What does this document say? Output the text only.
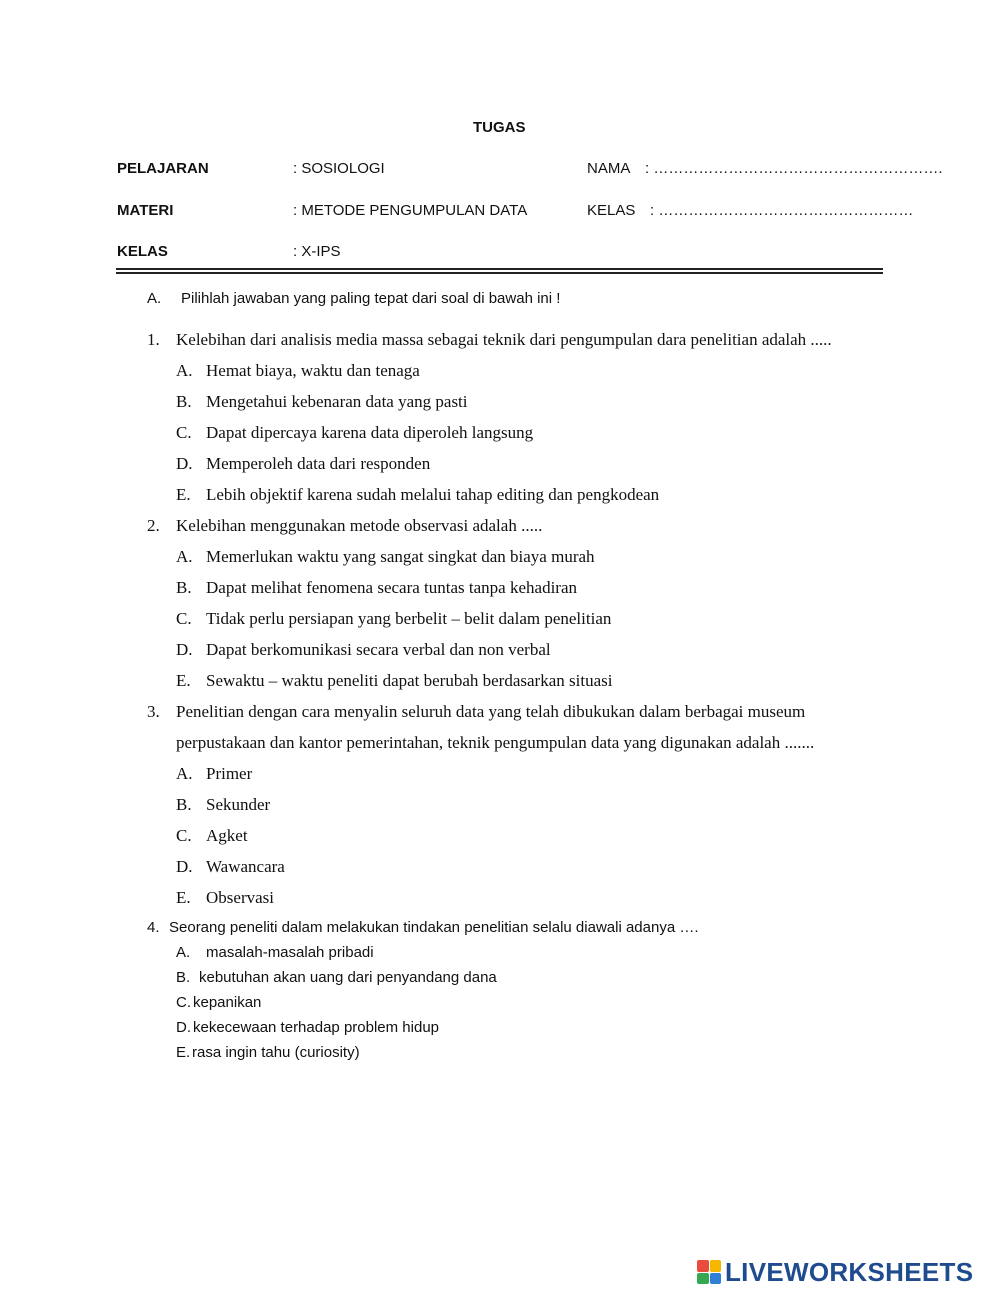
TUGAS
PELAJARAN	: SOSIOLOGI	NAMA : ………………………………………………….
MATERI	: METODE PENGUMPULAN DATA	KELAS : ……………………………………………
KELAS	: X-IPS
A. Pilihlah jawaban yang paling tepat dari soal di bawah ini !
1. Kelebihan dari analisis media massa sebagai teknik dari pengumpulan dara penelitian adalah .....
A. Hemat biaya, waktu dan tenaga
B. Mengetahui kebenaran data yang pasti
C. Dapat dipercaya karena data diperoleh langsung
D. Memperoleh data dari responden
E. Lebih objektif karena sudah melalui tahap editing dan pengkodean
2. Kelebihan menggunakan metode observasi adalah .....
A. Memerlukan waktu yang sangat singkat dan biaya murah
B. Dapat melihat fenomena secara tuntas tanpa kehadiran
C. Tidak perlu persiapan yang berbelit – belit dalam penelitian
D. Dapat berkomunikasi secara verbal dan non verbal
E. Sewaktu – waktu peneliti dapat berubah berdasarkan situasi
3. Penelitian dengan cara menyalin seluruh data yang telah dibukukan dalam berbagai museum
perpustakaan dan kantor pemerintahan, teknik pengumpulan data yang digunakan adalah .......
A. Primer
B. Sekunder
C. Agket
D. Wawancara
E. Observasi
4. Seorang peneliti dalam melakukan tindakan penelitian selalu diawali adanya ….
A. masalah-masalah pribadi
B. kebutuhan akan uang dari penyandang dana
C. kepanikan
D. kekecewaan terhadap problem hidup
E. rasa ingin tahu (curiosity)
LIVEWORKSHEETS
